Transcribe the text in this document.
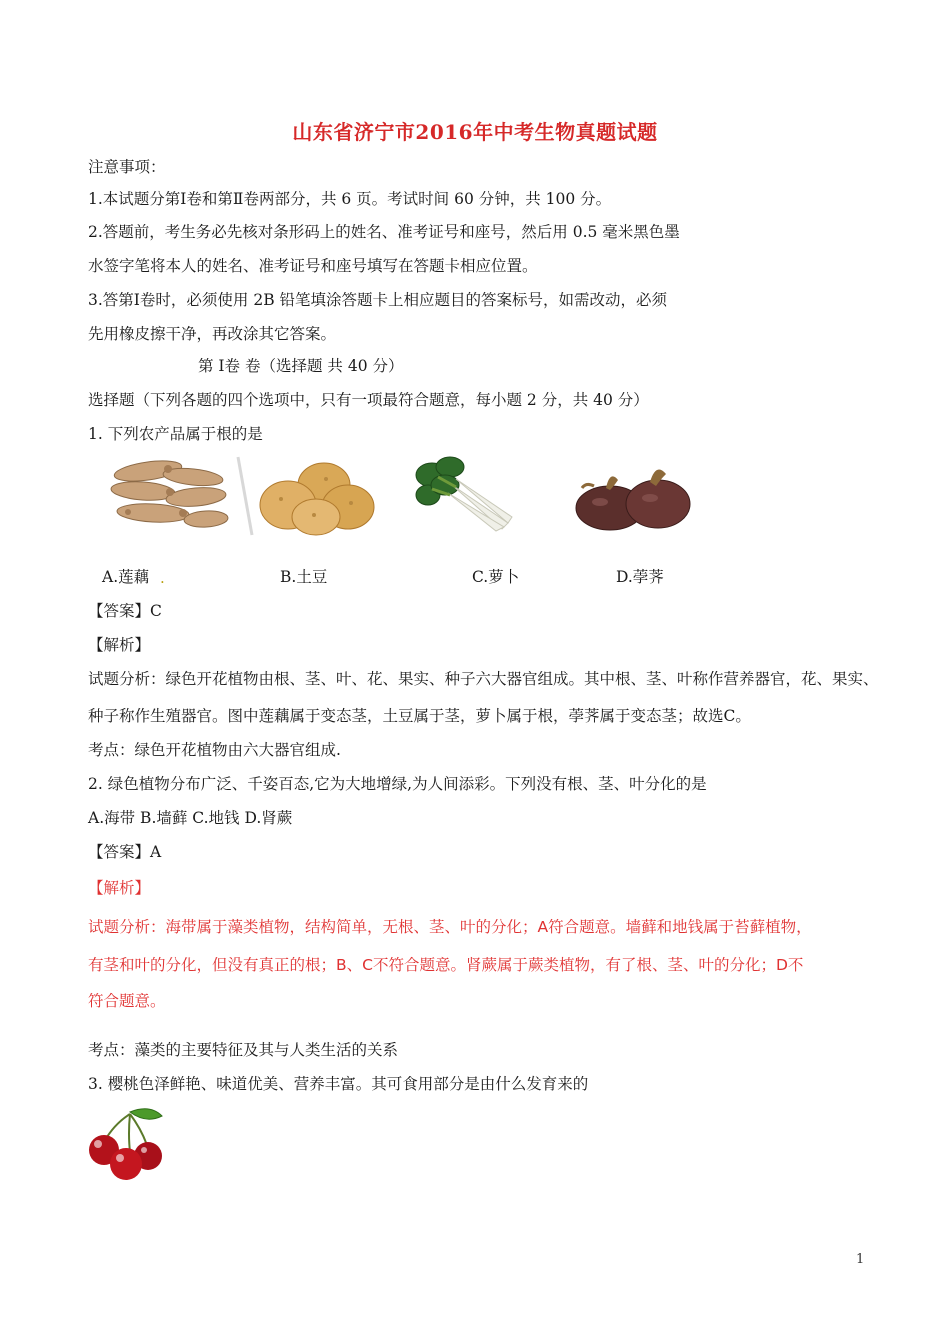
山东省济宁市2016年中考生物真题试题
注意事项：
1.本试题分第Ⅰ卷和第Ⅱ卷两部分，共 6 页。考试时间 60 分钟，共 100 分。
2.答题前，考生务必先核对条形码上的姓名、准考证号和座号，然后用 0.5 毫米黑色墨
水签字笔将本人的姓名、准考证号和座号填写在答题卡相应位置。
3.答第Ⅰ卷时，必须使用 2B 铅笔填涂答题卡上相应题目的答案标号，如需改动，必须
先用橡皮擦干净，再改涂其它答案。
第 Ⅰ卷 卷（选择题 共 40 分）
选择题（下列各题的四个选项中，只有一项最符合题意，每小题 2 分，共 40 分）
1. 下列农产品属于根的是
A.莲藕 .	B.土豆	C.萝卜	D.荸荠
【答案】C
【解析】
试题分析：绿色开花植物由根、茎、叶、花、果实、种子六大器官组成。其中根、茎、叶称作营养器官，花、果实、
种子称作生殖器官。图中莲藕属于变态茎，土豆属于茎，萝卜属于根，荸荠属于变态茎；故选C。
考点：绿色开花植物由六大器官组成.
2. 绿色植物分布广泛、千姿百态,它为大地增绿,为人间添彩。下列没有根、茎、叶分化的是
A.海带 B.墙藓 C.地钱 D.肾蕨
【答案】A
【解析】
试题分析：海带属于藻类植物，结构简单，无根、茎、叶的分化；A符合题意。墙藓和地钱属于苔藓植物，
有茎和叶的分化，但没有真正的根；B、C不符合题意。肾蕨属于蕨类植物，有了根、茎、叶的分化；D不
符合题意。
考点：藻类的主要特征及其与人类生活的关系
3. 樱桃色泽鲜艳、味道优美、营养丰富。其可食用部分是由什么发育来的
1
